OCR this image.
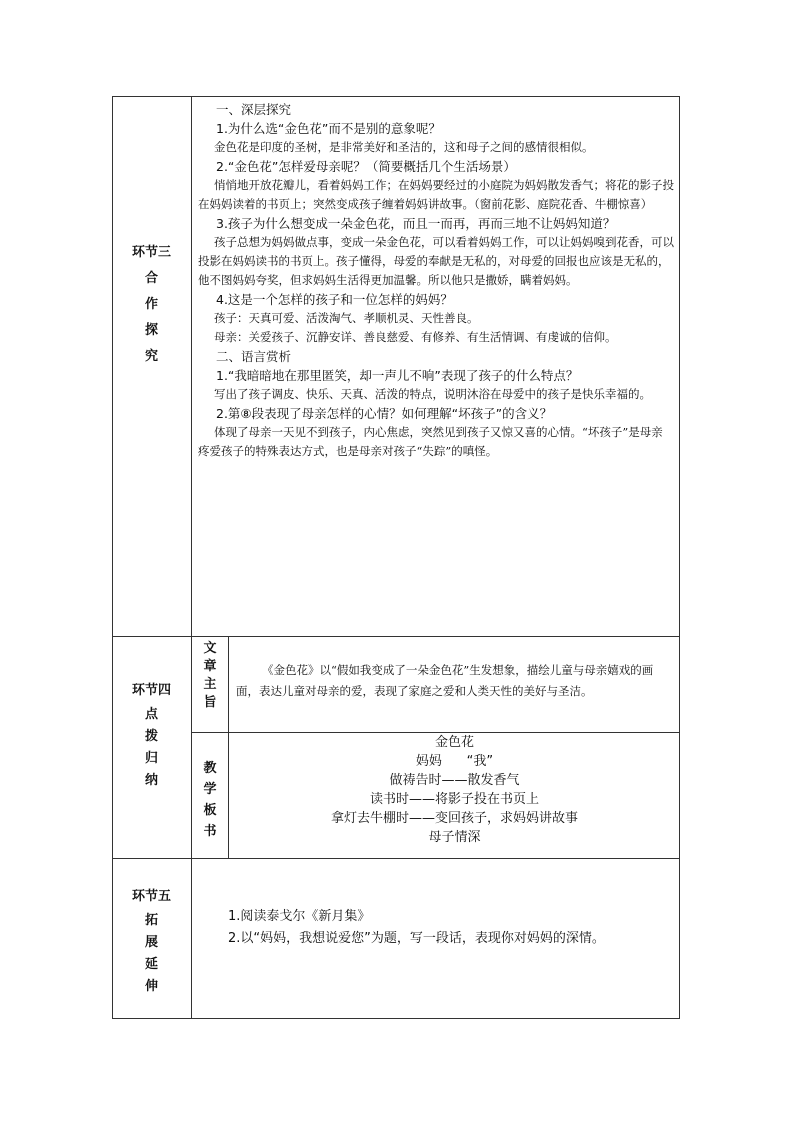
环节三
合
作
探
究

一、深层探究

1.为什么选“金色花”而不是别的意象呢？

金色花是印度的圣树，是非常美好和圣洁的，这和母子之间的感情很相似。

2.“金色花”怎样爱母亲呢？（简要概括几个生活场景）

悄悄地开放花瓣儿，看着妈妈工作；在妈妈要经过的小庭院为妈妈散发香气；将花的影子投在妈妈读着的书页上；突然变成孩子缠着妈妈讲故事。（窗前花影、庭院花香、牛棚惊喜）

3.孩子为什么想变成一朵金色花，而且一而再，再而三地不让妈妈知道？

孩子总想为妈妈做点事，变成一朵金色花，可以看着妈妈工作，可以让妈妈嗅到花香，可以投影在妈妈读书的书页上。孩子懂得，母爱的奉献是无私的，对母爱的回报也应该是无私的，他不图妈妈夸奖，但求妈妈生活得更加温馨。所以他只是撒娇，瞒着妈妈。

4.这是一个怎样的孩子和一位怎样的妈妈？

孩子：天真可爱、活泼淘气、孝顺机灵、天性善良。

母亲：关爱孩子、沉静安详、善良慈爱、有修养、有生活情调、有虔诚的信仰。

二、语言赏析

1.“我暗暗地在那里匿笑，却一声儿不响”表现了孩子的什么特点？

写出了孩子调皮、快乐、天真、活泼的特点，说明沐浴在母爱中的孩子是快乐幸福的。

2.第⑧段表现了母亲怎样的心情？如何理解“坏孩子”的含义？

体现了母亲一天见不到孩子，内心焦虑，突然见到孩子又惊又喜的心情。“坏孩子”是母亲疼爱孩子的特殊表达方式，也是母亲对孩子“失踪”的嗔怪。

环节四
点
拨
归
纳
文
章
主
旨

《金色花》以“假如我变成了一朵金色花”生发想象，描绘儿童与母亲嬉戏的画面，表达儿童对母亲的爱，表现了家庭之爱和人类天性的美好与圣洁。

教
学
板
书
金色花
妈妈      “我”
做祷告时——散发香气
读书时——将影子投在书页上
拿灯去牛棚时——变回孩子，求妈妈讲故事
母子情深
环节五
拓
展
延
伸
1.阅读泰戈尔《新月集》
2.以“妈妈，我想说爱您”为题，写一段话，表现你对妈妈的深情。
